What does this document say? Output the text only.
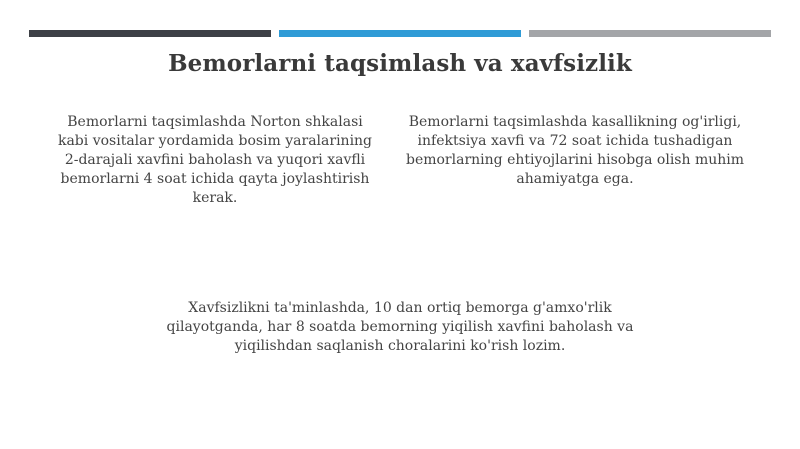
Bemorlarni taqsimlash va xavfsizlik
Bemorlarni taqsimlashda Norton shkalasi kabi vositalar yordamida bosim yaralarining 2-darajali xavfini baholash va yuqori xavfli bemorlarni 4 soat ichida qayta joylashtirish kerak.
Bemorlarni taqsimlashda kasallikning og'irligi, infektsiya xavfi va 72 soat ichida tushadigan bemorlarning ehtiyojlarini hisobga olish muhim ahamiyatga ega.
Xavfsizlikni ta'minlashda, 10 dan ortiq bemorga g'amxo'rlik qilayotganda, har 8 soatda bemorning yiqilish xavfini baholash va yiqilishdan saqlanish choralarini ko'rish lozim.
